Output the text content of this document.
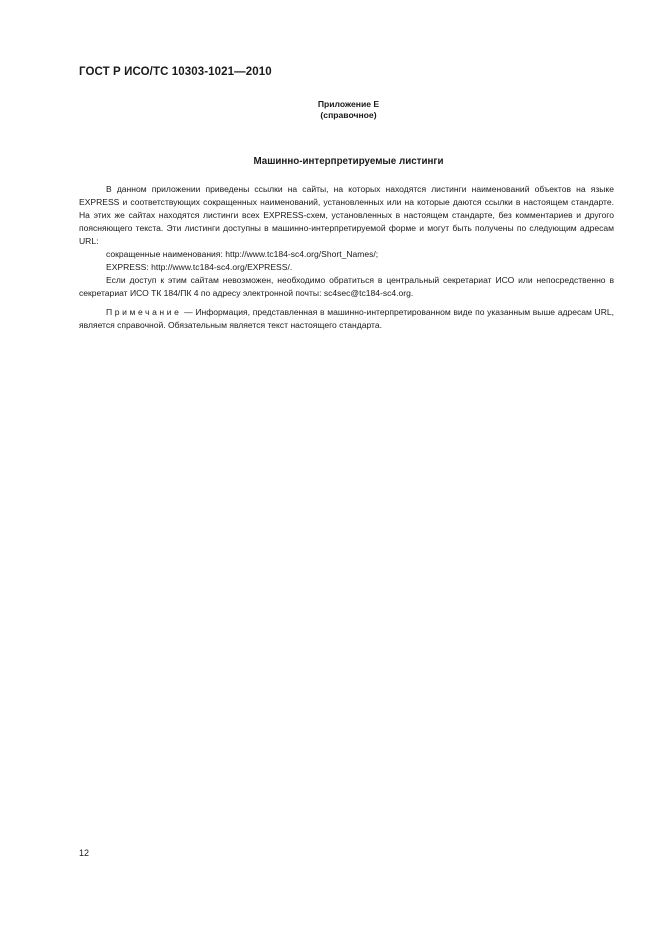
ГОСТ Р ИСО/ТС 10303-1021—2010
Приложение Е
(справочное)
Машинно-интерпретируемые листинги

В данном приложении приведены ссылки на сайты, на которых находятся листинги наименований объектов на языке EXPRESS и соответствующих сокращенных наименований, установленных или на которые даются ссылки в настоящем стандарте. На этих же сайтах находятся листинги всех EXPRESS-схем, установленных в настоящем стандарте, без комментариев и другого поясняющего текста. Эти листинги доступны в машинно-интерпретируемой форме и могут быть получены по следующим адресам URL:

сокращенные наименования: http://www.tc184-sc4.org/Short_Names/;

EXPRESS: http://www.tc184-sc4.org/EXPRESS/.

Если доступ к этим сайтам невозможен, необходимо обратиться в центральный секретариат ИСО или непосредственно в секретариат ИСО ТК 184/ПК 4 по адресу электронной почты: sc4sec@tc184-sc4.org.

Примечание — Информация, представленная в машинно-интерпретированном виде по указанным выше адресам URL, является справочной. Обязательным является текст настоящего стандарта.

12
